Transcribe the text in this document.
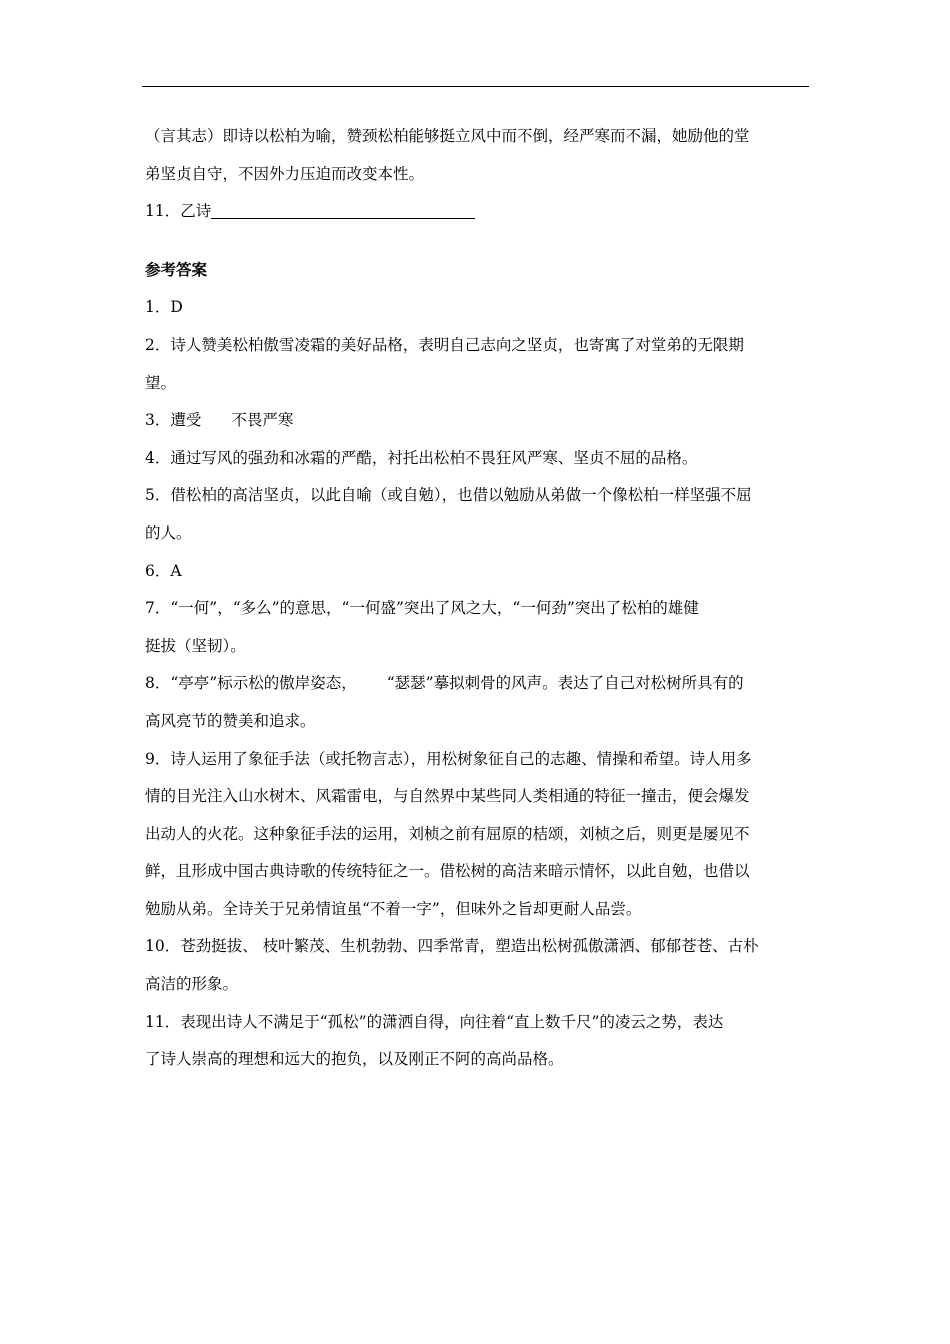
（言其志）即诗以松柏为喻，赞颈松柏能够挺立风中而不倒，经严寒而不漏，她励他的堂

弟坚贞自守，不因外力压迫而改变本性。

11．乙诗

参考答案

1．D

2．诗人赞美松柏傲雪凌霜的美好品格，表明自己志向之坚贞，也寄寓了对堂弟的无限期

望。

3．遭受 不畏严寒

4．通过写风的强劲和冰霜的严酷，衬托出松柏不畏狂风严寒、坚贞不屈的品格。

5．借松柏的高洁坚贞，以此自喻（或自勉），也借以勉励从弟做一个像松柏一样坚强不屈

的人。

6．A

7．“一何”，“多么”的意思，“一何盛”突出了风之大，“一何劲”突出了松柏的雄健

挺拔（坚韧）。

8．“亭亭”标示松的傲岸姿态， “瑟瑟”摹拟刺骨的风声。表达了自己对松树所具有的

高风亮节的赞美和追求。

9．诗人运用了象征手法（或托物言志），用松树象征自己的志趣、情操和希望。诗人用多

情的目光注入山水树木、风霜雷电，与自然界中某些同人类相通的特征一撞击，便会爆发

出动人的火花。这种象征手法的运用，刘桢之前有屈原的桔颂，刘桢之后，则更是屡见不

鲜，且形成中国古典诗歌的传统特征之一。借松树的高洁来暗示情怀，以此自勉，也借以

勉励从弟。全诗关于兄弟情谊虽“不着一字”，但味外之旨却更耐人品尝。

10．苍劲挺拔、 枝叶繁茂、生机勃勃、四季常青，塑造出松树孤傲潇洒、郁郁苍苍、古朴

高洁的形象。

11．表现出诗人不满足于“孤松”的潇洒自得，向往着“直上数千尺”的凌云之势，表达

了诗人崇高的理想和远大的抱负，以及刚正不阿的高尚品格。
